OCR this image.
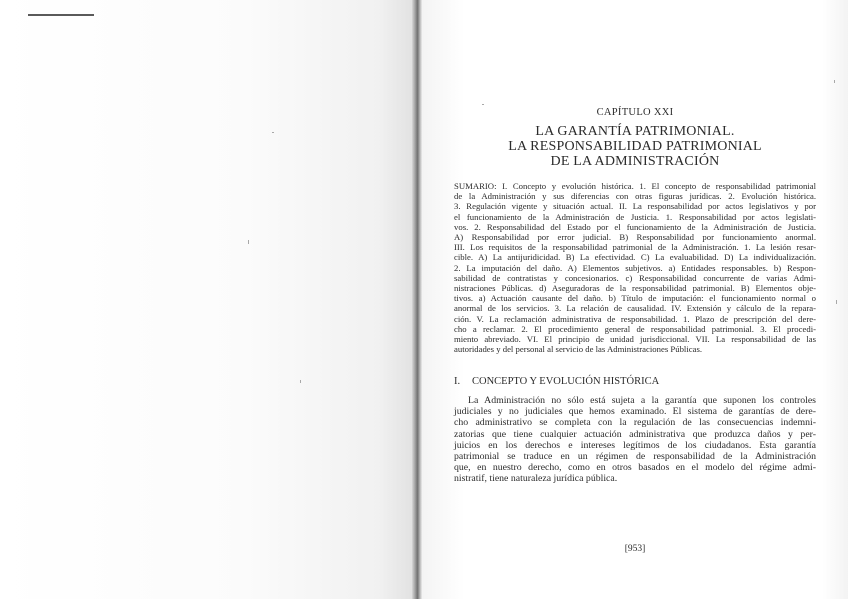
CAPÍTULO XXI
LA GARANTÍA PATRIMONIAL.
LA RESPONSABILIDAD PATRIMONIAL
DE LA ADMINISTRACIÓN
SUMARIO: I. Concepto y evolución histórica. 1. El concepto de responsabilidad patrimonial
de la Administración y sus diferencias con otras figuras jurídicas. 2. Evolución histórica.
3. Regulación vigente y situación actual. II. La responsabilidad por actos legislativos y por
el funcionamiento de la Administración de Justicia. 1. Responsabilidad por actos legislati-
vos. 2. Responsabilidad del Estado por el funcionamiento de la Administración de Justicia.
A) Responsabilidad por error judicial. B) Responsabilidad por funcionamiento anormal.
III. Los requisitos de la responsabilidad patrimonial de la Administración. 1. La lesión resar-
cible. A) La antijuridicidad. B) La efectividad. C) La evaluabilidad. D) La individualización.
2. La imputación del daño. A) Elementos subjetivos. a) Entidades responsables. b) Respon-
sabilidad de contratistas y concesionarios. c) Responsabilidad concurrente de varias Admi-
nistraciones Públicas. d) Aseguradoras de la responsabilidad patrimonial. B) Elementos obje-
tivos. a) Actuación causante del daño. b) Título de imputación: el funcionamiento normal o
anormal de los servicios. 3. La relación de causalidad. IV. Extensión y cálculo de la repara-
ción. V. La reclamación administrativa de responsabilidad. 1. Plazo de prescripción del dere-
cho a reclamar. 2. El procedimiento general de responsabilidad patrimonial. 3. El procedi-
miento abreviado. VI. El principio de unidad jurisdiccional. VII. La responsabilidad de las
autoridades y del personal al servicio de las Administraciones Públicas.
I. CONCEPTO Y EVOLUCIÓN HISTÓRICA
La Administración no sólo está sujeta a la garantía que suponen los controles
judiciales y no judiciales que hemos examinado. El sistema de garantías de dere-
cho administrativo se completa con la regulación de las consecuencias indemni-
zatorias que tiene cualquier actuación administrativa que produzca daños y per-
juicios en los derechos e intereses legítimos de los ciudadanos. Esta garantía
patrimonial se traduce en un régimen de responsabilidad de la Administración
que, en nuestro derecho, como en otros basados en el modelo del régime admi-
nistratif, tiene naturaleza jurídica pública.
[953]
